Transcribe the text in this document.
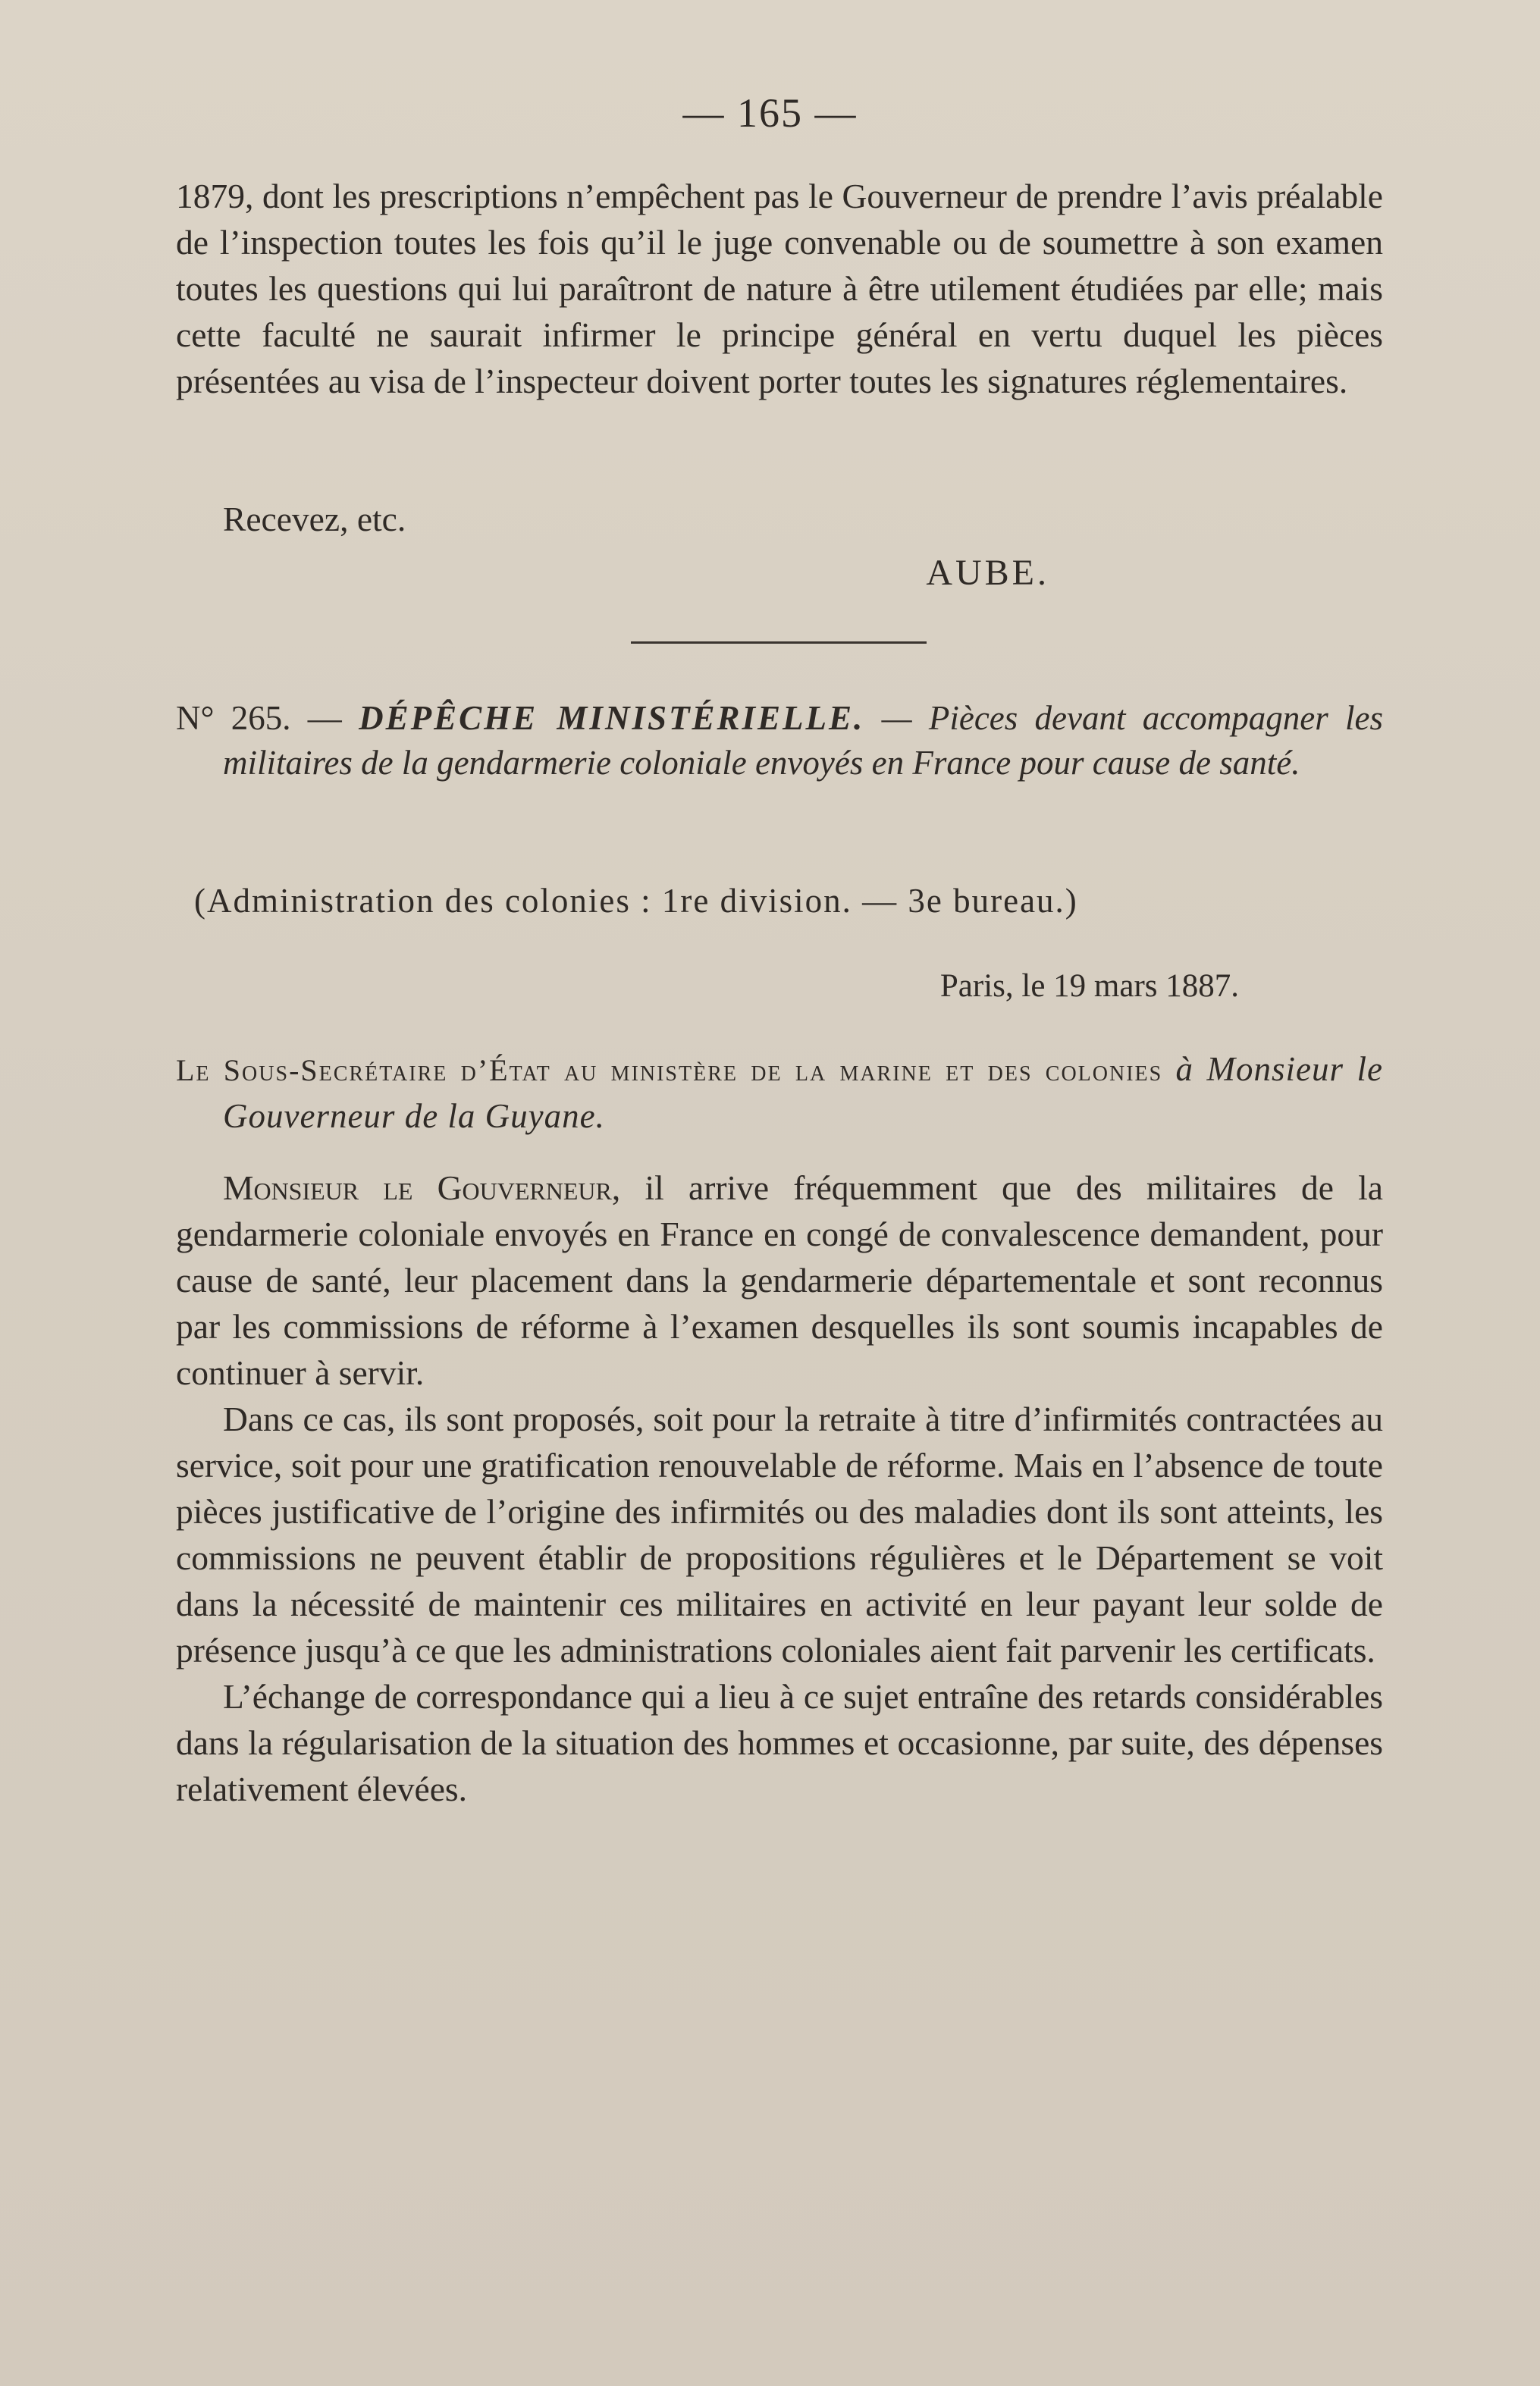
— 165 —

1879, dont les prescriptions n’empêchent pas le Gouverneur de prendre l’avis préalable de l’inspection toutes les fois qu’il le juge convenable ou de soumettre à son examen toutes les questions qui lui paraîtront de nature à être utilement étudiées par elle; mais cette faculté ne saurait infirmer le principe général en vertu duquel les pièces présentées au visa de l’inspecteur doivent porter toutes les signatures réglementaires.

Recevez, etc.

AUBE.

N° 265. — DÉPÊCHE MINISTÉRIELLE. — Pièces devant accompagner les militaires de la gendarmerie coloniale envoyés en France pour cause de santé.

(Administration des colonies : 1re division. — 3e bureau.)

Paris, le 19 mars 1887.

Le Sous-Secrétaire d’État au ministère de la marine et des colonies à Monsieur le Gouverneur de la Guyane.

Monsieur le Gouverneur, il arrive fréquemment que des militaires de la gendarmerie coloniale envoyés en France en congé de convalescence demandent, pour cause de santé, leur placement dans la gendarmerie départementale et sont reconnus par les commissions de réforme à l’examen desquelles ils sont soumis incapables de continuer à servir.

Dans ce cas, ils sont proposés, soit pour la retraite à titre d’infirmités contractées au service, soit pour une gratification renouvelable de réforme. Mais en l’absence de toute pièces justificative de l’origine des infirmités ou des maladies dont ils sont atteints, les commissions ne peuvent établir de propositions régulières et le Département se voit dans la nécessité de maintenir ces militaires en activité en leur payant leur solde de présence jusqu’à ce que les administrations coloniales aient fait parvenir les certificats.

L’échange de correspondance qui a lieu à ce sujet entraîne des retards considérables dans la régularisation de la situation des hommes et occasionne, par suite, des dépenses relativement élevées.
